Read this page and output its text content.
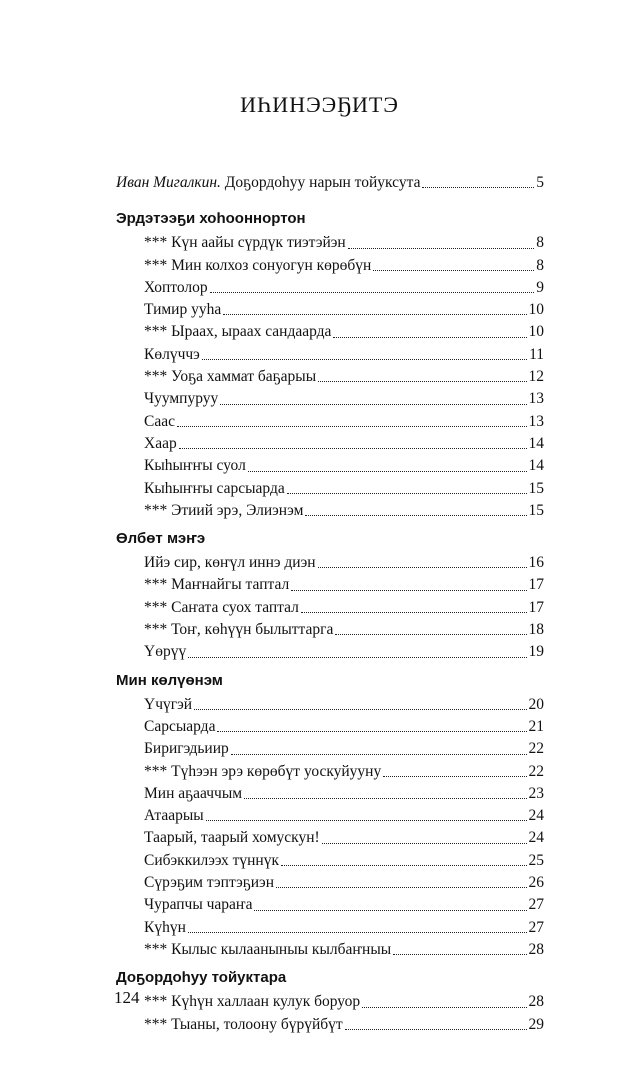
ИҺИНЭЭҔИТЭ
Иван Мигалкин. Доҕордоһуу нарын тойуксута	5
Эрдэтээҕи хоһооннортон
*** Күн аайы сүрдүк тиэтэйэн	8
*** Мин колхоз сонуогун көрөбүн	8
Хоптолор	9
Тимир ууһа	10
*** Ыраах, ыраах сандаарда	10
Көлүччэ	11
*** Уоҕа хаммат баҕарыы	12
Чуумпуруу	13
Саас	13
Хаар	14
Кыһыҥҥы суол	14
Кыһыҥҥы сарсыарда	15
*** Этиий эрэ, Элиэнэм	15
Өлбөт мэҥэ
Ийэ сир, көҥүл иннэ диэн	16
*** Маҥнайгы таптал	17
*** Саҥата суох таптал	17
*** Тоҥ, көһүүн былыттарга	18
Үөрүү	19
Мин көлүөнэм
Үчүгэй	20
Сарсыарда	21
Биригэдьиир	22
*** Түһээн эрэ көрөбүт уоскуйууну	22
Мин аҕааччым	23
Атаарыы	24
Таарый, таарый хомускун!	24
Сибэккилээх түннүк	25
Сүрэҕим тэптэҕиэн	26
Чурапчы чараҥа	27
Күһүн	27
*** Кылыс кылааныныы кылбаҥныы	28
Доҕордоһуу тойуктара
*** Күһүн халлаан кулук боруор	28
*** Тыаны, толоону бүрүйбүт	29
124
